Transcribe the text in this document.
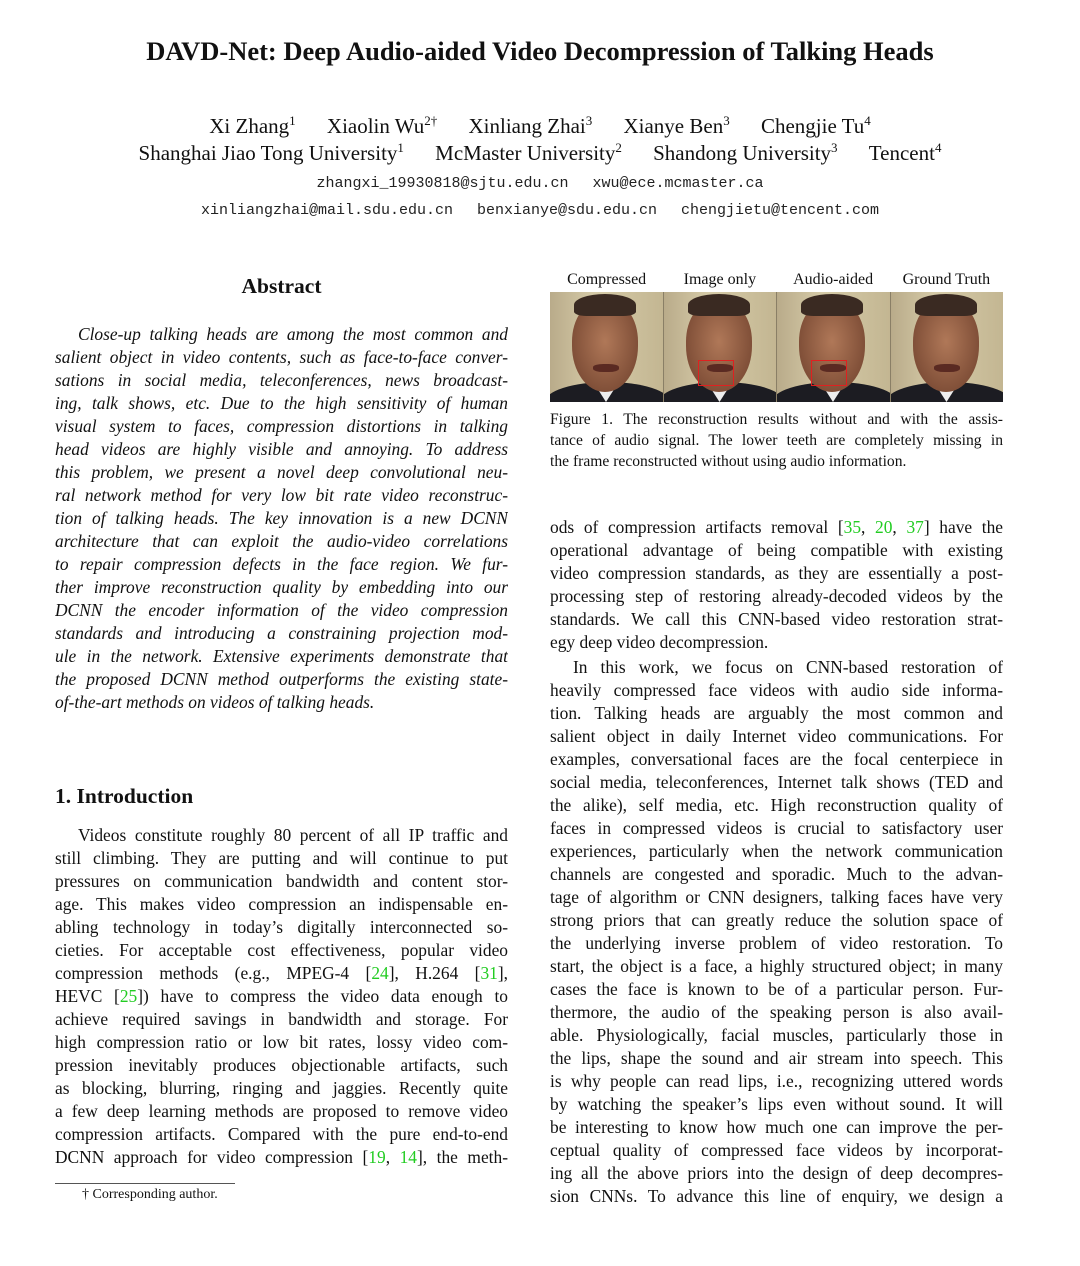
DAVD-Net: Deep Audio-aided Video Decompression of Talking Heads
Xi Zhang$^1$ Xiaolin $Wu^{2\dagger}$ Xinliang Zhai$^3$ Xianye Ben$^3$ Chengjie Tu$^4$
Shanghai Jiao Tong University$^1$ McMaster University$^2$ Shandong University$^3$ Tencent$^4$
zhangxi_19930818@sjtu.edu.cn xwu@ece.mcmaster.ca
xinliangzhai@mail.sdu.edu.cn benxianye@sdu.edu.cn chengjietu@tencent.com
Abstract
Close-up talking heads are among the most common and
salient object in video contents, such as face-to-face conver-
sations in social media, teleconferences, news broadcast-
ing, talk shows, etc. Due to the high sensitivity of human
visual system to faces, compression distortions in talking
head videos are highly visible and annoying. To address
this problem, we present a novel deep convolutional neu-
ral network method for very low bit rate video reconstruc-
tion of talking heads. The key innovation is a new DCNN
architecture that can exploit the audio-video correlations
to repair compression defects in the face region. We fur-
ther improve reconstruction quality by embedding into our
DCNN the encoder information of the video compression
standards and introducing a constraining projection mod-
ule in the network. Extensive experiments demonstrate that
the proposed DCNN method outperforms the existing state-
of-the-art methods on videos of talking heads.
1. Introduction
Videos constitute roughly 80 percent of all IP traffic and
still climbing. They are putting and will continue to put
pressures on communication bandwidth and content stor-
age. This makes video compression an indispensable en-
abling technology in today’s digitally interconnected so-
cieties. For acceptable cost effectiveness, popular video
compression methods (e.g., MPEG-4 [24], H.264 [31],
HEVC [25]) have to compress the video data enough to
achieve required savings in bandwidth and storage. For
high compression ratio or low bit rates, lossy video com-
pression inevitably produces objectionable artifacts, such
as blocking, blurring, ringing and jaggies. Recently quite
a few deep learning methods are proposed to remove video
compression artifacts. Compared with the pure end-to-end
DCNN approach for video compression [19, 14], the meth-
Compressed	Image only	Audio-aided	Ground Truth
Figure 1. The reconstruction results without and with the assis-
tance of audio signal. The lower teeth are completely missing in
the frame reconstructed without using audio information.
ods of compression artifacts removal [35, 20, 37] have the
operational advantage of being compatible with existing
video compression standards, as they are essentially a post-
processing step of restoring already-decoded videos by the
standards. We call this CNN-based video restoration strat-
egy deep video decompression.
In this work, we focus on CNN-based restoration of
heavily compressed face videos with audio side informa-
tion. Talking heads are arguably the most common and
salient object in daily Internet video communications. For
examples, conversational faces are the focal centerpiece in
social media, teleconferences, Internet talk shows (TED and
the alike), self media, etc. High reconstruction quality of
faces in compressed videos is crucial to satisfactory user
experiences, particularly when the network communication
channels are congested and sporadic. Much to the advan-
tage of algorithm or CNN designers, talking faces have very
strong priors that can greatly reduce the solution space of
the underlying inverse problem of video restoration. To
start, the object is a face, a highly structured object; in many
cases the face is known to be of a particular person. Fur-
thermore, the audio of the speaking person is also avail-
able. Physiologically, facial muscles, particularly those in
the lips, shape the sound and air stream into speech. This
is why people can read lips, i.e., recognizing uttered words
by watching the speaker’s lips even without sound. It will
be interesting to know how much one can improve the per-
ceptual quality of compressed face videos by incorporat-
ing all the above priors into the design of deep decompres-
sion CNNs. To advance this line of enquiry, we design a
† Corresponding author.
